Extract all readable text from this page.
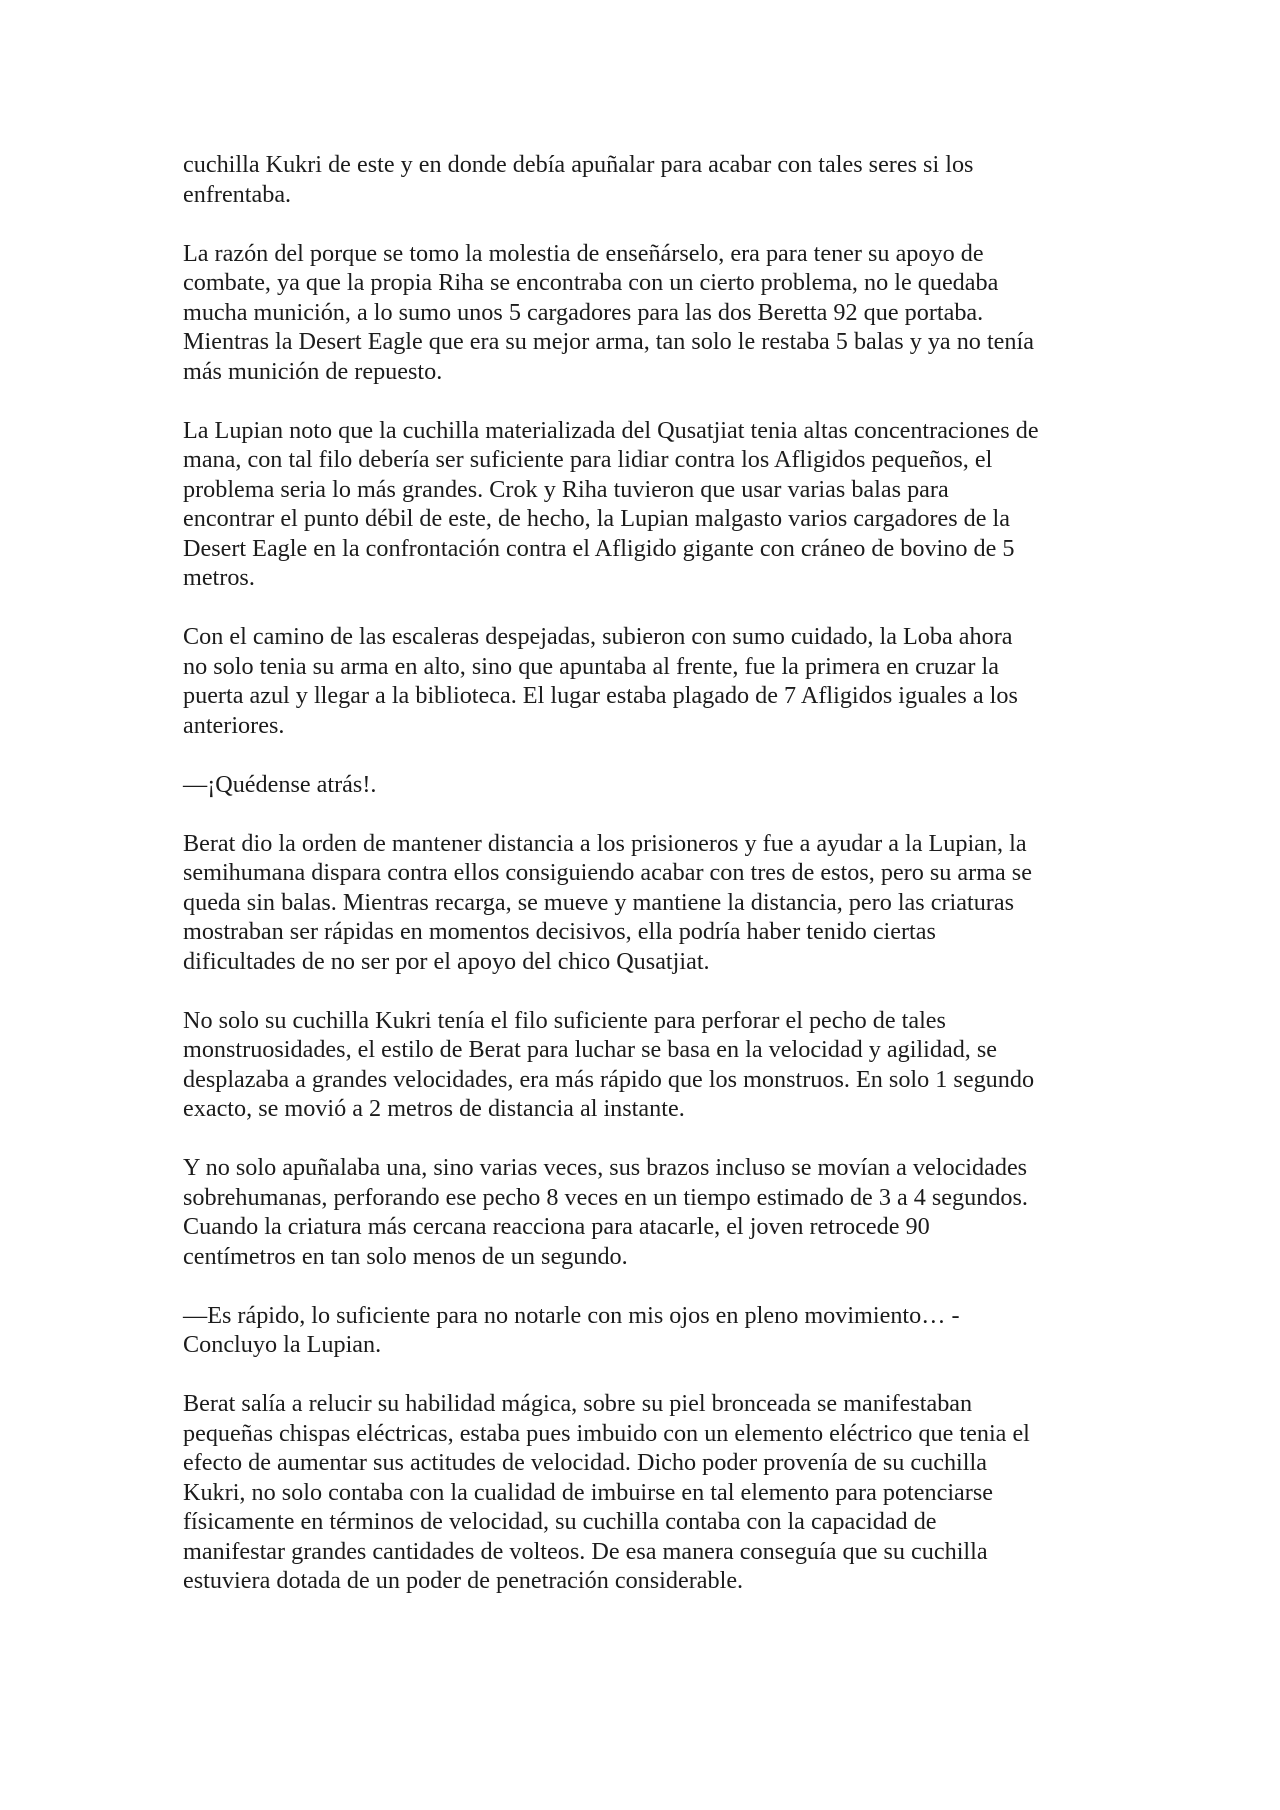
cuchilla Kukri de este y en donde debía apuñalar para acabar con tales seres si los
enfrentaba.

La razón del porque se tomo la molestia de enseñárselo, era para tener su apoyo de
combate, ya que la propia Riha se encontraba con un cierto problema, no le quedaba
mucha munición, a lo sumo unos 5 cargadores para las dos Beretta 92 que portaba.
Mientras la Desert Eagle que era su mejor arma, tan solo le restaba 5 balas y ya no tenía
más munición de repuesto.

La Lupian noto que la cuchilla materializada del Qusatjiat tenia altas concentraciones de
mana, con tal filo debería ser suficiente para lidiar contra los Afligidos pequeños, el
problema seria lo más grandes. Crok y Riha tuvieron que usar varias balas para
encontrar el punto débil de este, de hecho, la Lupian malgasto varios cargadores de la
Desert Eagle en la confrontación contra el Afligido gigante con cráneo de bovino de 5
metros.

Con el camino de las escaleras despejadas, subieron con sumo cuidado, la Loba ahora
no solo tenia su arma en alto, sino que apuntaba al frente, fue la primera en cruzar la
puerta azul y llegar a la biblioteca. El lugar estaba plagado de 7 Afligidos iguales a los
anteriores.

—¡Quédense atrás!.

Berat dio la orden de mantener distancia a los prisioneros y fue a ayudar a la Lupian, la
semihumana dispara contra ellos consiguiendo acabar con tres de estos, pero su arma se
queda sin balas. Mientras recarga, se mueve y mantiene la distancia, pero las criaturas
mostraban ser rápidas en momentos decisivos, ella podría haber tenido ciertas
dificultades de no ser por el apoyo del chico Qusatjiat.

No solo su cuchilla Kukri tenía el filo suficiente para perforar el pecho de tales
monstruosidades, el estilo de Berat para luchar se basa en la velocidad y agilidad, se
desplazaba a grandes velocidades, era más rápido que los monstruos. En solo 1 segundo
exacto, se movió a 2 metros de distancia al instante.

Y no solo apuñalaba una, sino varias veces, sus brazos incluso se movían a velocidades
sobrehumanas, perforando ese pecho 8 veces en un tiempo estimado de 3 a 4 segundos.
Cuando la criatura más cercana reacciona para atacarle, el joven retrocede 90
centímetros en tan solo menos de un segundo.

—Es rápido, lo suficiente para no notarle con mis ojos en pleno movimiento… -
Concluyo la Lupian.

Berat salía a relucir su habilidad mágica, sobre su piel bronceada se manifestaban
pequeñas chispas eléctricas, estaba pues imbuido con un elemento eléctrico que tenia el
efecto de aumentar sus actitudes de velocidad. Dicho poder provenía de su cuchilla
Kukri, no solo contaba con la cualidad de imbuirse en tal elemento para potenciarse
físicamente en términos de velocidad, su cuchilla contaba con la capacidad de
manifestar grandes cantidades de volteos. De esa manera conseguía que su cuchilla
estuviera dotada de un poder de penetración considerable.
